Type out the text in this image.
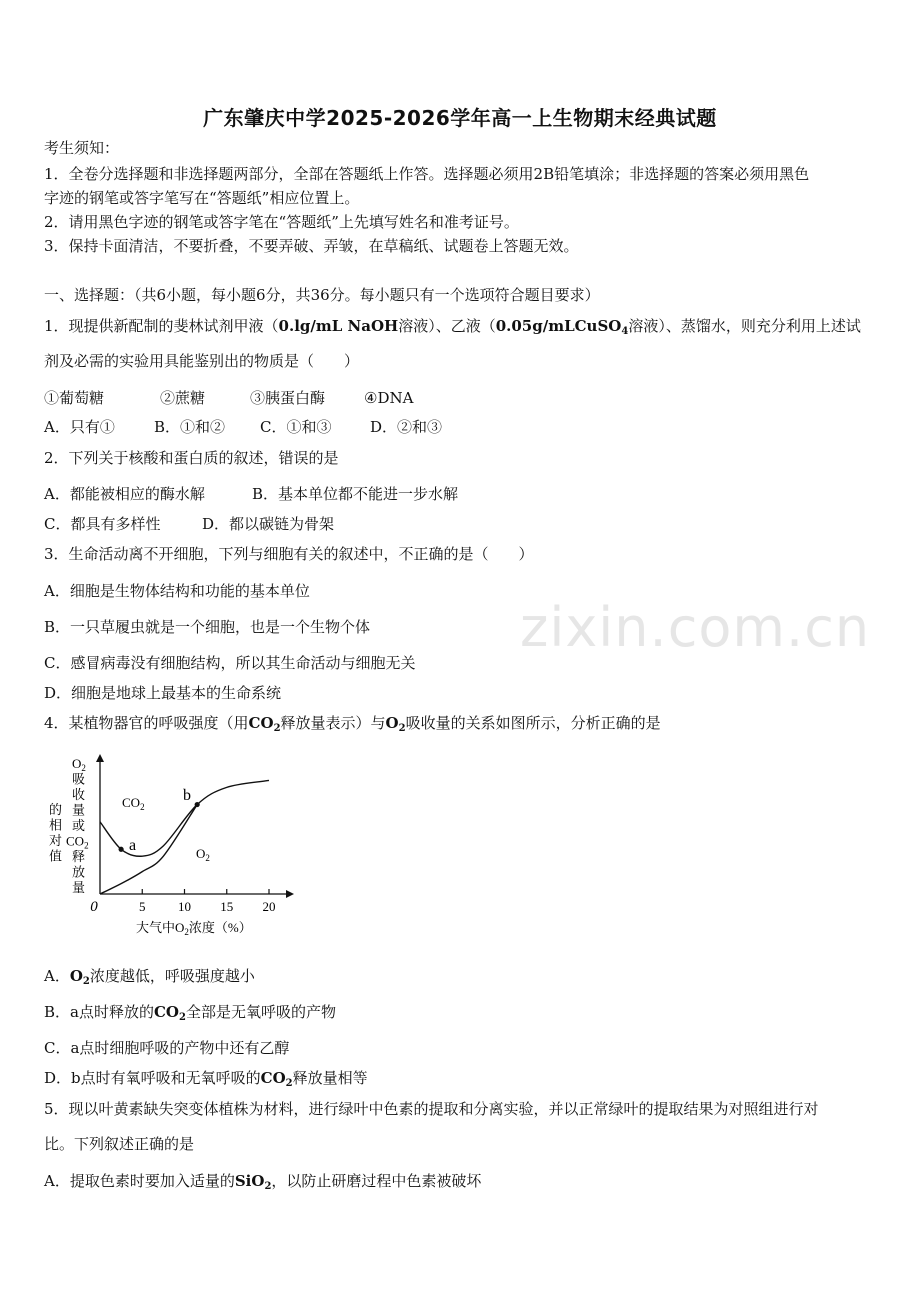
zixin.com.cn
广东肇庆中学2025-2026学年高一上生物期末经典试题
考生须知：
1．全卷分选择题和非选择题两部分，全部在答题纸上作答。选择题必须用2B铅笔填涂；非选择题的答案必须用黑色
字迹的钢笔或答字笔写在“答题纸”相应位置上。
2．请用黑色字迹的钢笔或答字笔在“答题纸”上先填写姓名和准考证号。
3．保持卡面清洁，不要折叠，不要弄破、弄皱，在草稿纸、试题卷上答题无效。
一、选择题：（共6小题，每小题6分，共36分。每小题只有一个选项符合题目要求）
1．现提供新配制的斐林试剂甲液（0.lg/mL NaOH溶液）、乙液（0.05g/mLCuSO$_4$溶液）、蒸馏水，则充分利用上述试
剂及必需的实验用具能鉴别出的物质是（　　）
①葡萄糖	②蔗糖	③胰蛋白酶	④DNA
A．只有①	B．①和② C．①和③	D．②和③
2．下列关于核酸和蛋白质的叙述，错误的是
A．都能被相应的酶水解	B．基本单位都不能进一步水解
C．都具有多样性	D．都以碳链为骨架
3．生命活动离不开细胞，下列与细胞有关的叙述中，不正确的是（　　）
A．细胞是生物体结构和功能的基本单位
B．一只草履虫就是一个细胞，也是一个生物个体
C．感冒病毒没有细胞结构，所以其生命活动与细胞无关
D．细胞是地球上最基本的生命系统
4．某植物器官的呼吸强度（用$CO_2$释放量表示）与$O_2$吸收量的关系如图所示，分析正确的是
$O_2$
吸
收
量
或
$CO_2$
释
放
量
的
相
对
值
0	5	10 15 20
a
b
$CO_2$
$O_2$
大气中$O_2$浓度（%）
A．$O_2$浓度越低，呼吸强度越小
B．a点时释放的$CO_2$全部是无氧呼吸的产物
C．a点时细胞呼吸的产物中还有乙醇
D．b点时有氧呼吸和无氧呼吸的$CO_2$释放量相等
5．现以叶黄素缺失突变体植株为材料，进行绿叶中色素的提取和分离实验，并以正常绿叶的提取结果为对照组进行对
比。下列叙述正确的是
A．提取色素时要加入适量的SiO$_2$，以防止研磨过程中色素被破坏
